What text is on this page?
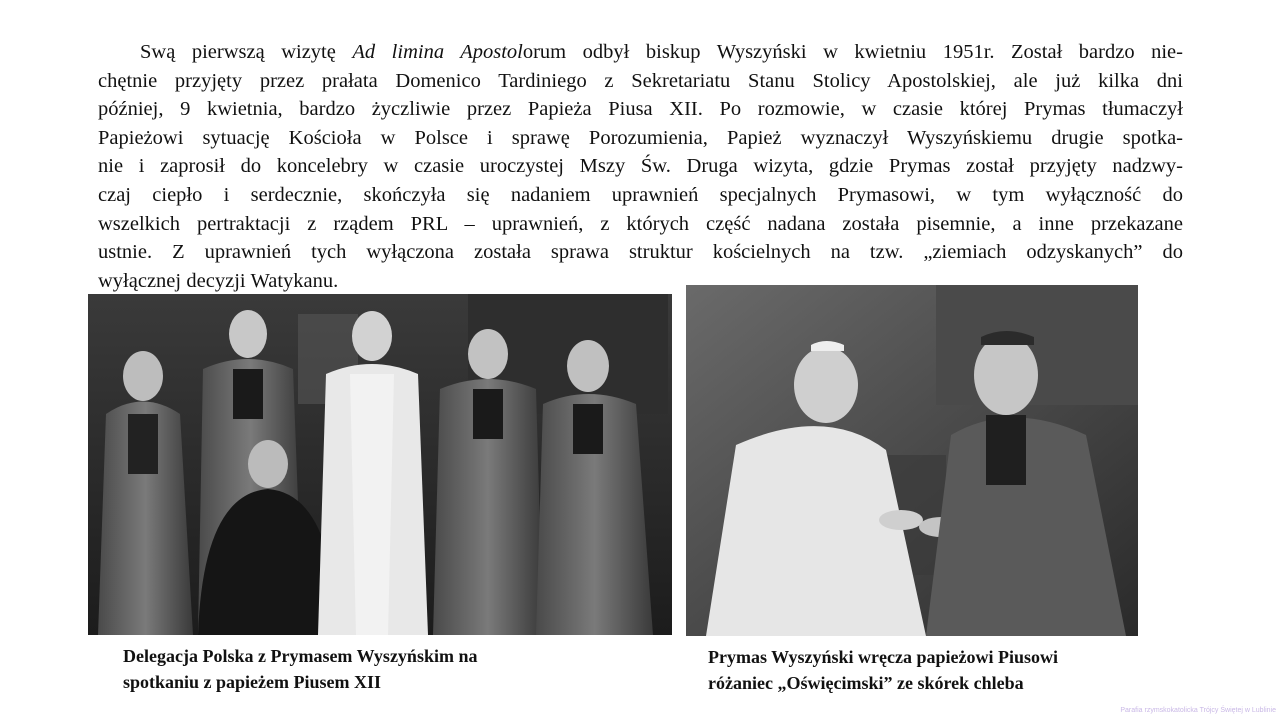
Swą pierwszą wizytę Ad limina Apostolorum odbył biskup Wyszyński w kwietniu 1951r. Został bardzo nie-
chętnie przyjęty przez prałata Domenico Tardiniego z Sekretariatu Stanu Stolicy Apostolskiej, ale już kilka dni
później, 9 kwietnia, bardzo życzliwie przez Papieża Piusa XII. Po rozmowie, w czasie której Prymas tłumaczył
Papieżowi sytuację Kościoła w Polsce i sprawę Porozumienia, Papież wyznaczył Wyszyńskiemu drugie spotka-
nie i zaprosił do koncelebry w czasie uroczystej Mszy Św. Druga wizyta, gdzie Prymas został przyjęty nadzwy-
czaj ciepło i serdecznie, skończyła się nadaniem uprawnień specjalnych Prymasowi, w tym wyłączność do
wszelkich pertraktacji z rządem PRL – uprawnień, z których część nadana została pisemnie, a inne przekazane
ustnie. Z uprawnień tych wyłączona została sprawa struktur kościelnych na tzw. „ziemiach odzyskanych” do
wyłącznej decyzji Watykanu.

Delegacja Polska z Prymasem Wyszyńskim na
spotkaniu z papieżem Piusem XII

Prymas Wyszyński wręcza papieżowi Piusowi
różaniec „Oświęcimski” ze skórek chleba

Parafia rzymskokatolicka Trójcy Świętej w Lublinie
